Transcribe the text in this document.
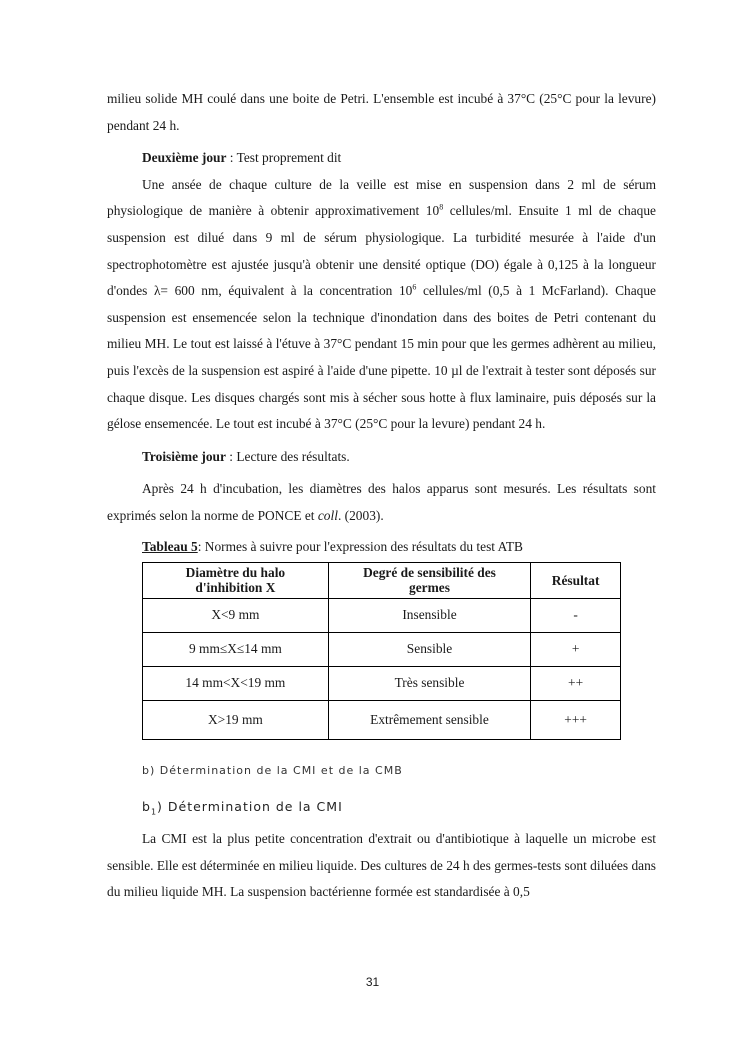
milieu solide MH coulé dans une boite de Petri. L'ensemble est incubé à 37°C (25°C pour la levure) pendant 24 h.

Deuxième jour : Test proprement dit

Une ansée de chaque culture de la veille est mise en suspension dans 2 ml de sérum physiologique de manière à obtenir approximativement $10^8$ cellules/ml. Ensuite 1 ml de chaque suspension est dilué dans 9 ml de sérum physiologique. La turbidité mesurée à l'aide d'un spectrophotomètre est ajustée jusqu'à obtenir une densité optique (DO) égale à 0,125 à la longueur d'ondes λ= 600 nm, équivalent à la concentration $10^6$ cellules/ml (0,5 à 1 McFarland). Chaque suspension est ensemencée selon la technique d'inondation dans des boites de Petri contenant du milieu MH. Le tout est laissé à l'étuve à 37°C pendant 15 min pour que les germes adhèrent au milieu, puis l'excès de la suspension est aspiré à l'aide d'une pipette. 10 µl de l'extrait à tester sont déposés sur chaque disque. Les disques chargés sont mis à sécher sous hotte à flux laminaire, puis déposés sur la gélose ensemencée. Le tout est incubé à 37°C (25°C pour la levure) pendant 24 h.

Troisième jour : Lecture des résultats.

Après 24 h d'incubation, les diamètres des halos apparus sont mesurés. Les résultats sont exprimés selon la norme de PONCE et coll. (2003).

Tableau 5: Normes à suivre pour l'expression des résultats du test ATB
Diamètre du halo d'inhibition X	Degré de sensibilité des germes	Résultat
X<9 mm	Insensible	-
9 mm≤X≤14 mm	Sensible	+
14 mm<X<19 mm	Très sensible	++
X>19 mm	Extrêmement sensible	+++
b) Détermination de la CMI et de la CMB
$b_1$) Détermination de la CMI

La CMI est la plus petite concentration d'extrait ou d'antibiotique à laquelle un microbe est sensible. Elle est déterminée en milieu liquide. Des cultures de 24 h des germes-tests sont diluées dans du milieu liquide MH. La suspension bactérienne formée est standardisée à 0,5

31
